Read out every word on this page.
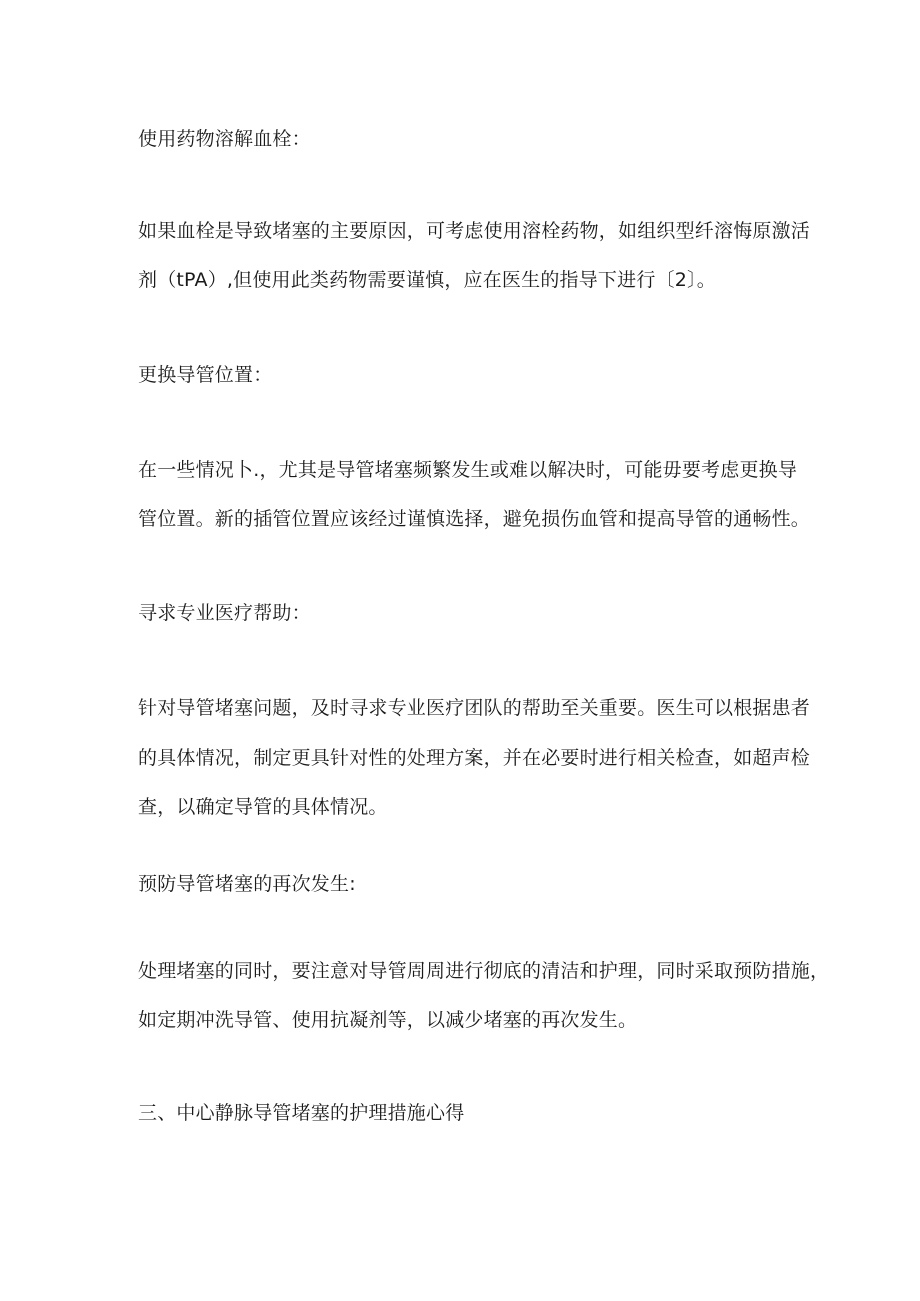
使用药物溶解血栓：
如果血栓是导致堵塞的主要原因，可考虑使用溶栓药物，如组织型纤溶悔原激活
剂（tPA）,但使用此类药物需要谨慎，应在医生的指导下进行〔2〕。
更换导管位置：
在一些情况卜.，尤其是导管堵塞频繁发生或难以解决时，可能毋要考虑更换导
管位置。新的插管位置应该经过谨慎选择，避免损伤血管和提高导管的通畅性。
寻求专业医疗帮助：
针对导管堵塞问题，及时寻求专业医疗团队的帮助至关重要。医生可以根据患者
的具体情况，制定更具针对性的处理方案，并在必要时进行相关检查，如超声检
查，以确定导管的具体情况。
预防导管堵塞的再次发生:
处理堵塞的同时，要注意对导管周周进行彻底的清洁和护理，同时采取预防措施，
如定期冲洗导管、使用抗凝剂等，以减少堵塞的再次发生。
三、中心静脉导管堵塞的护理措施心得
